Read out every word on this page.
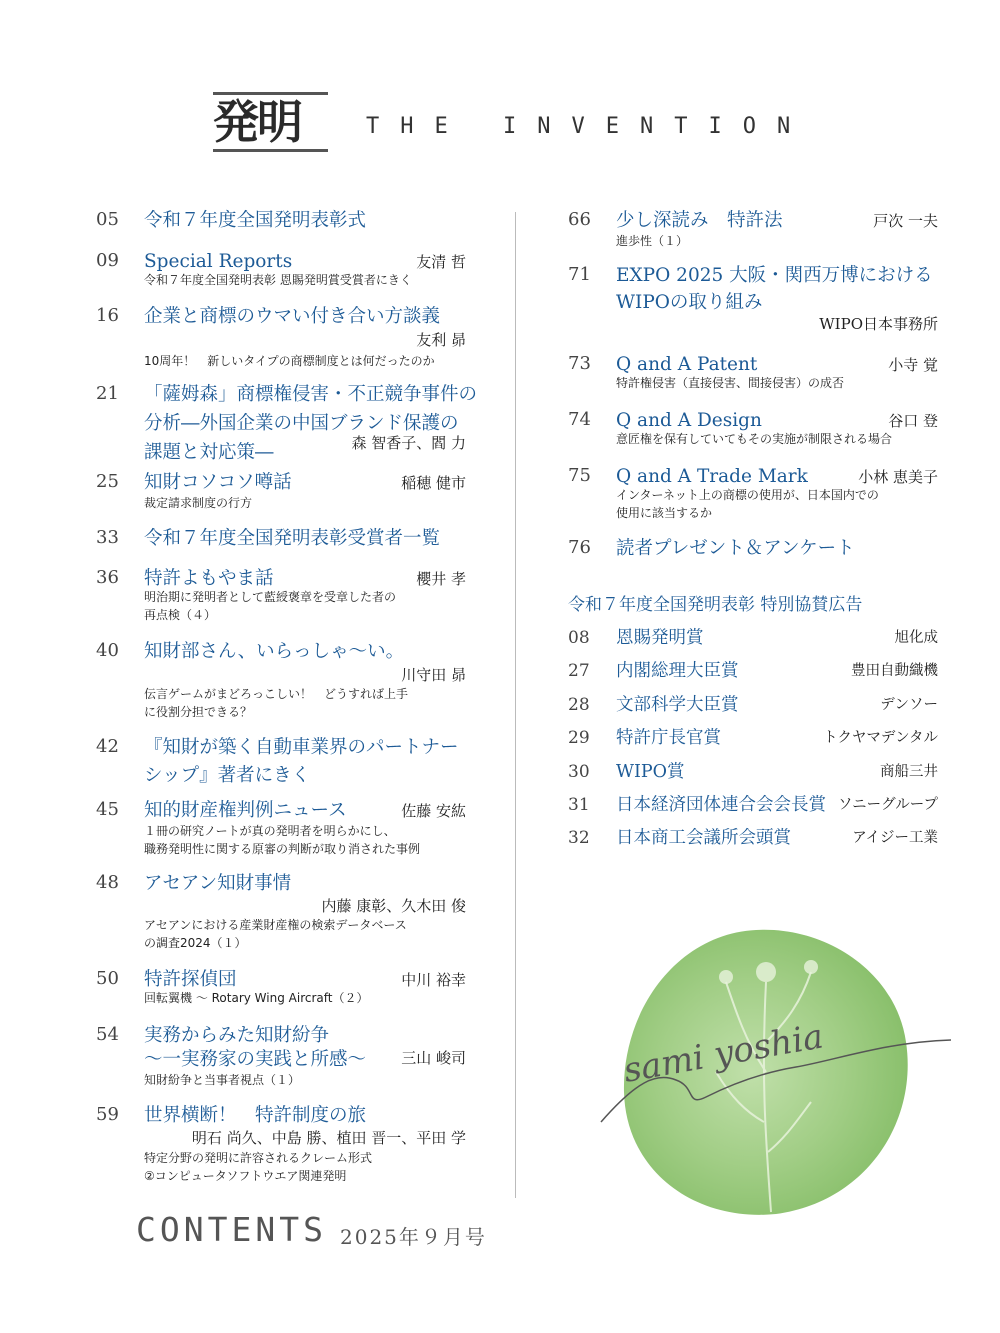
発明	THE INVENTION
05	令和７年度全国発明表彰式
09	Special Reports	友清 哲
令和７年度全国発明表彰 恩賜発明賞受賞者にきく
16	企業と商標のウマい付き合い方談義
友利 昴
10周年！　新しいタイプの商標制度とは何だったのか
21	「薩姆森」商標権侵害・不正競争事件の
分析―外国企業の中国ブランド保護の
課題と対応策―	森 智香子、閻 力
25	知財コソコソ噂話	稲穂 健市
裁定請求制度の行方
33	令和７年度全国発明表彰受賞者一覧
36	特許よもやま話	櫻井 孝
明治期に発明者として藍綬褒章を受章した者の
再点検（４）
40	知財部さん、いらっしゃ～い。
川守田 昴
伝言ゲームがまどろっこしい！　どうすれば上手
に役割分担できる？
42	『知財が築く自動車業界のパートナー
シップ』著者にきく
45	知的財産権判例ニュース	佐藤 安紘
１冊の研究ノートが真の発明者を明らかにし、
職務発明性に関する原審の判断が取り消された事例
48	アセアン知財事情
内藤 康彰、久木田 俊
アセアンにおける産業財産権の検索データベース
の調査2024（１）
50	特許探偵団	中川 裕幸
回転翼機 ～ Rotary Wing Aircraft（２）
54	実務からみた知財紛争
～一実務家の実践と所感～ 三山 峻司
知財紛争と当事者視点（１）
59	世界横断！　特許制度の旅
明石 尚久、中島 勝、植田 晋一、平田 学
特定分野の発明に許容されるクレーム形式
②コンピュータソフトウエア関連発明
66	少し深読み　特許法	戸次 一夫
進歩性（１）
71	EXPO 2025 大阪・関西万博における
WIPOの取り組み
WIPO日本事務所
73	Q and A Patent	小寺 覚
特許権侵害（直接侵害、間接侵害）の成否
74	Q and A Design	谷口 登
意匠権を保有していてもその実施が制限される場合
75	Q and A Trade Mark	小林 恵美子
インターネット上の商標の使用が、日本国内での
使用に該当するか
76	読者プレゼント＆アンケート
令和７年度全国発明表彰 特別協賛広告
08 恩賜発明賞	旭化成
27 内閣総理大臣賞	豊田自動織機
28 文部科学大臣賞	デンソー
29 特許庁長官賞	トクヤマデンタル
30 WIPO賞	商船三井
31 日本経済団体連合会会長賞 ソニーグループ
32 日本商工会議所会頭賞	アイジー工業
sami yoshia
CONTENTS 2025年９月号
